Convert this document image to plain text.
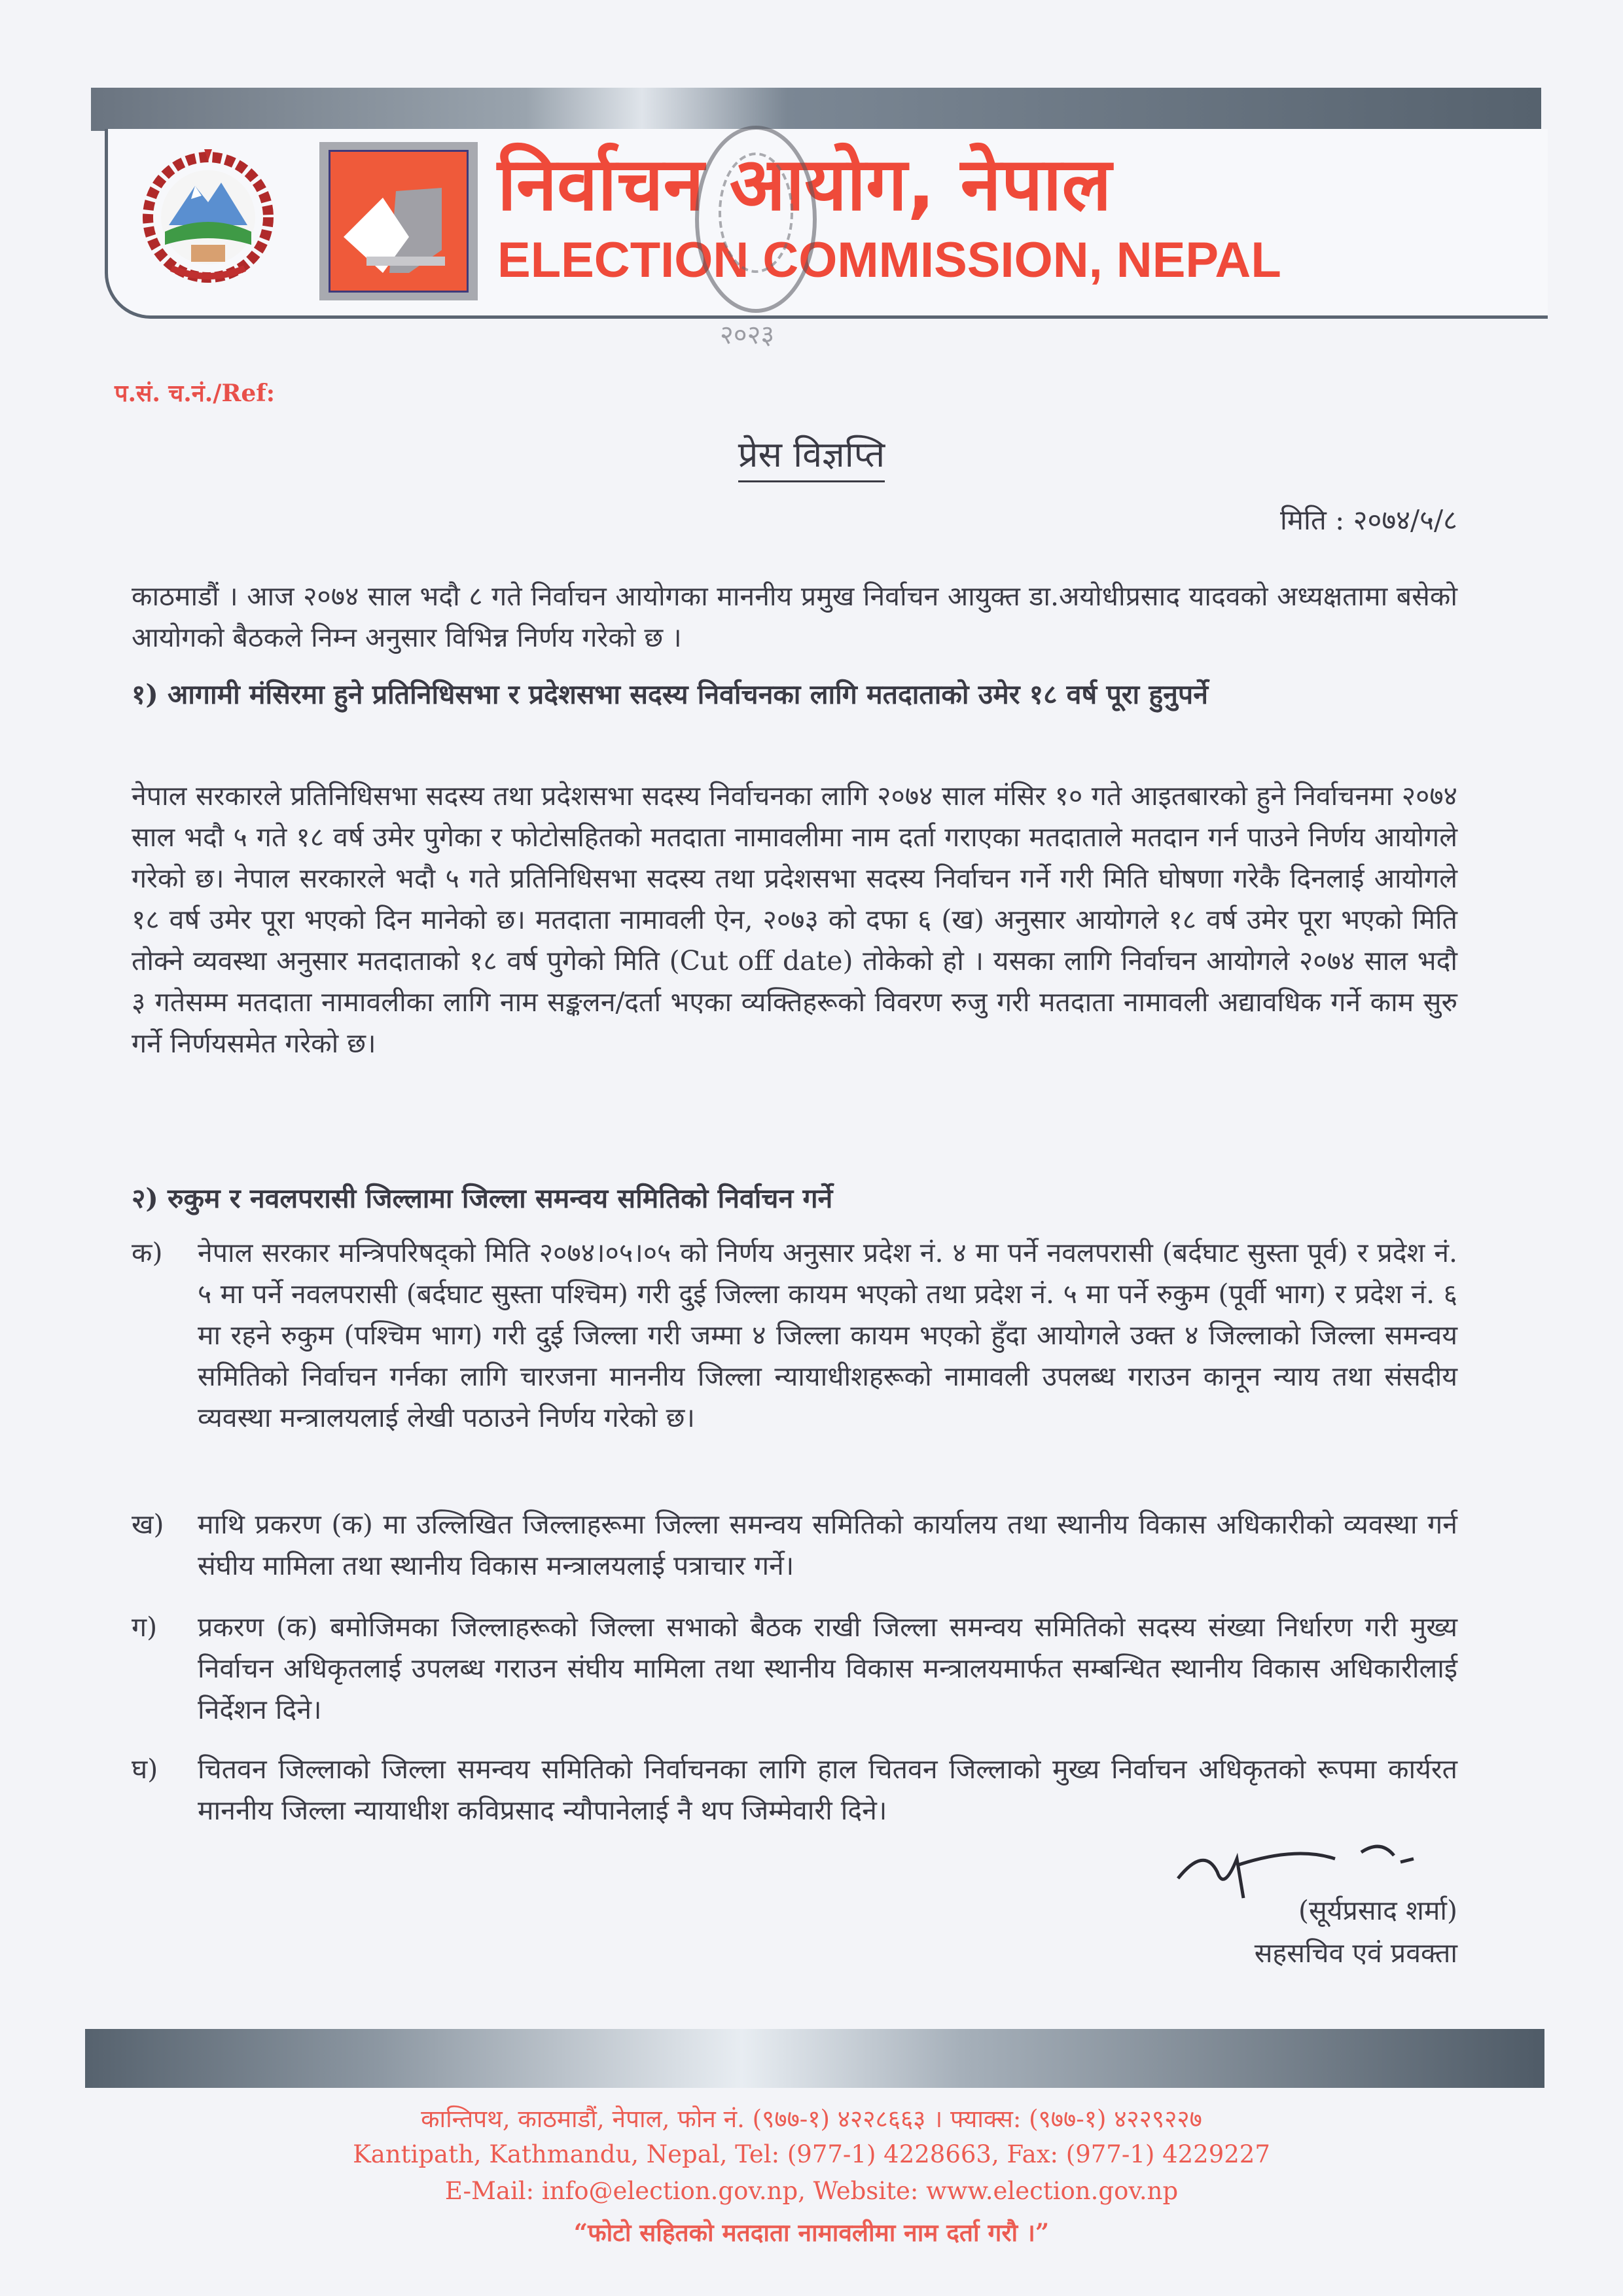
निर्वाचन आयोग, नेपाल
ELECTION COMMISSION, NEPAL
२०२३
प.सं. च.नं./Ref:
प्रेस विज्ञप्ति
मिति : २०७४/५/८
काठमाडौं । आज २०७४ साल भदौ ८ गते निर्वाचन आयोगका माननीय प्रमुख निर्वाचन आयुक्त डा.अयोधीप्रसाद यादवको अध्यक्षतामा बसेको आयोगको बैठकले निम्न अनुसार विभिन्न निर्णय गरेको छ ।
१) आगामी मंसिरमा हुने प्रतिनिधिसभा र प्रदेशसभा सदस्य निर्वाचनका लागि मतदाताको उमेर १८ वर्ष पूरा हुनुपर्ने
नेपाल सरकारले प्रतिनिधिसभा सदस्य तथा प्रदेशसभा सदस्य निर्वाचनका लागि २०७४ साल मंसिर १० गते आइतबारको हुने निर्वाचनमा २०७४ साल भदौ ५ गते १८ वर्ष उमेर पुगेका र फोटोसहितको मतदाता नामावलीमा नाम दर्ता गराएका मतदाताले मतदान गर्न पाउने निर्णय आयोगले गरेको छ। नेपाल सरकारले भदौ ५ गते प्रतिनिधिसभा सदस्य तथा प्रदेशसभा सदस्य निर्वाचन गर्ने गरी मिति घोषणा गरेकै दिनलाई आयोगले १८ वर्ष उमेर पूरा भएको दिन मानेको छ। मतदाता नामावली ऐन, २०७३ को दफा ६ (ख) अनुसार आयोगले १८ वर्ष उमेर पूरा भएको मिति तोक्ने व्यवस्था अनुसार मतदाताको १८ वर्ष पुगेको मिति (Cut off date) तोकेको हो । यसका लागि निर्वाचन आयोगले २०७४ साल भदौ ३ गतेसम्म मतदाता नामावलीका लागि नाम सङ्कलन/दर्ता भएका व्यक्तिहरूको विवरण रुजु गरी मतदाता नामावली अद्यावधिक गर्ने काम सुरु गर्ने निर्णयसमेत गरेको छ।
२) रुकुम र नवलपरासी जिल्लामा जिल्ला समन्वय समितिको निर्वाचन गर्ने
क)	नेपाल सरकार मन्त्रिपरिषद्को मिति २०७४।०५।०५ को निर्णय अनुसार प्रदेश नं. ४ मा पर्ने नवलपरासी (बर्दघाट सुस्ता पूर्व) र प्रदेश नं. ५ मा पर्ने नवलपरासी (बर्दघाट सुस्ता पश्चिम) गरी दुई जिल्ला कायम भएको तथा प्रदेश नं. ५ मा पर्ने रुकुम (पूर्वी भाग) र प्रदेश नं. ६ मा रहने रुकुम (पश्चिम भाग) गरी दुई जिल्ला गरी जम्मा ४ जिल्ला कायम भएको हुँदा आयोगले उक्त ४ जिल्लाको जिल्ला समन्वय समितिको निर्वाचन गर्नका लागि चारजना माननीय जिल्ला न्यायाधीशहरूको नामावली उपलब्ध गराउन कानून न्याय तथा संसदीय व्यवस्था मन्त्रालयलाई लेखी पठाउने निर्णय गरेको छ।
ख)	माथि प्रकरण (क) मा उल्लिखित जिल्लाहरूमा जिल्ला समन्वय समितिको कार्यालय तथा स्थानीय विकास अधिकारीको व्यवस्था गर्न संघीय मामिला तथा स्थानीय विकास मन्त्रालयलाई पत्राचार गर्ने।
ग)	प्रकरण (क) बमोजिमका जिल्लाहरूको जिल्ला सभाको बैठक राखी जिल्ला समन्वय समितिको सदस्य संख्या निर्धारण गरी मुख्य निर्वाचन अधिकृतलाई उपलब्ध गराउन संघीय मामिला तथा स्थानीय विकास मन्त्रालयमार्फत सम्बन्धित स्थानीय विकास अधिकारीलाई निर्देशन दिने।
घ)	चितवन जिल्लाको जिल्ला समन्वय समितिको निर्वाचनका लागि हाल चितवन जिल्लाको मुख्य निर्वाचन अधिकृतको रूपमा कार्यरत माननीय जिल्ला न्यायाधीश कविप्रसाद न्यौपानेलाई नै थप जिम्मेवारी दिने।
(सूर्यप्रसाद शर्मा)
सहसचिव एवं प्रवक्ता
कान्तिपथ, काठमाडौं, नेपाल, फोन नं. (९७७-१) ४२२८६६३ । फ्याक्स: (९७७-१) ४२२९२२७
Kantipath, Kathmandu, Nepal, Tel: (977-1) 4228663, Fax: (977-1) 4229227
E-Mail: info@election.gov.np, Website: www.election.gov.np
“फोटो सहितको मतदाता नामावलीमा नाम दर्ता गरौ ।”
